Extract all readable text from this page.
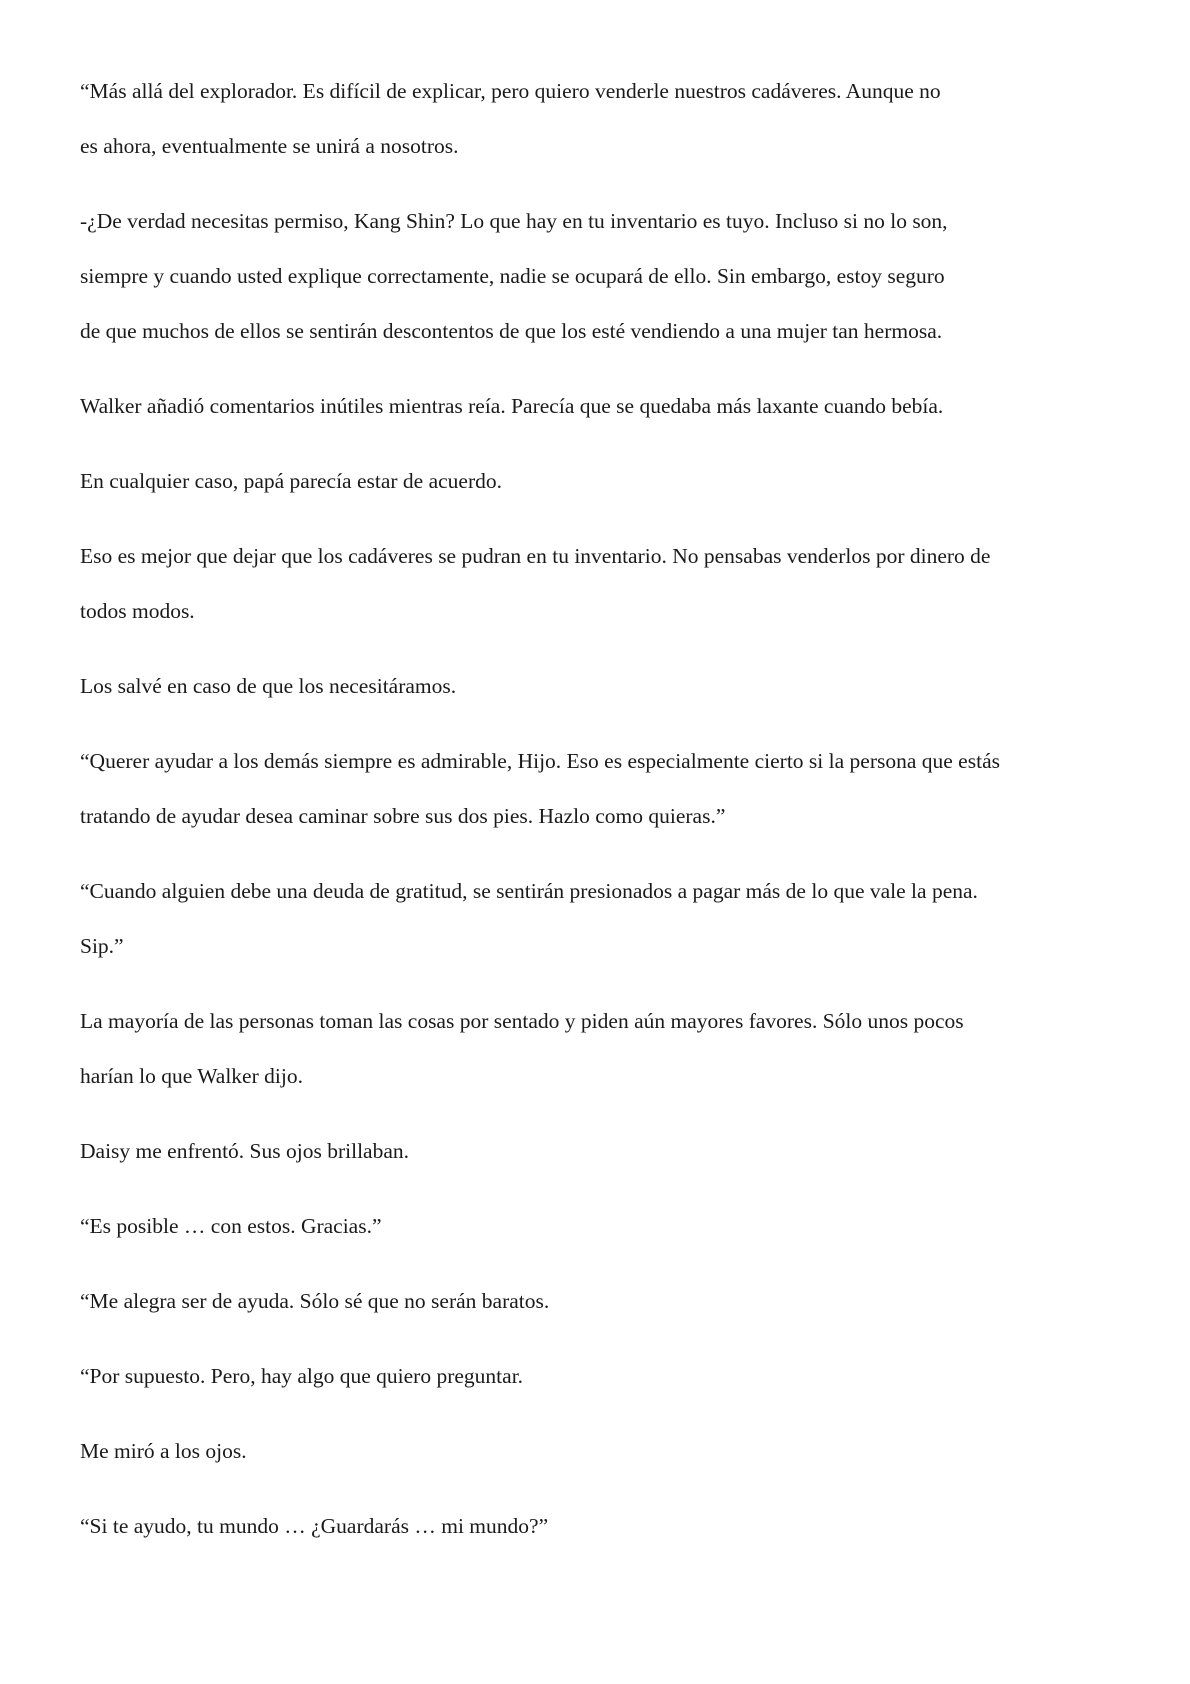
“Más allá del explorador. Es difícil de explicar, pero quiero venderle nuestros cadáveres. Aunque no
es ahora, eventualmente se unirá a nosotros.

-¿De verdad necesitas permiso, Kang Shin? Lo que hay en tu inventario es tuyo. Incluso si no lo son,
siempre y cuando usted explique correctamente, nadie se ocupará de ello. Sin embargo, estoy seguro
de que muchos de ellos se sentirán descontentos de que los esté vendiendo a una mujer tan hermosa.

Walker añadió comentarios inútiles mientras reía. Parecía que se quedaba más laxante cuando bebía.

En cualquier caso, papá parecía estar de acuerdo.

Eso es mejor que dejar que los cadáveres se pudran en tu inventario. No pensabas venderlos por dinero de
todos modos.

Los salvé en caso de que los necesitáramos.

“Querer ayudar a los demás siempre es admirable, Hijo. Eso es especialmente cierto si la persona que estás
tratando de ayudar desea caminar sobre sus dos pies. Hazlo como quieras.”

“Cuando alguien debe una deuda de gratitud, se sentirán presionados a pagar más de lo que vale la pena.
Sip.”

La mayoría de las personas toman las cosas por sentado y piden aún mayores favores. Sólo unos pocos
harían lo que Walker dijo.

Daisy me enfrentó. Sus ojos brillaban.

“Es posible … con estos. Gracias.”

“Me alegra ser de ayuda. Sólo sé que no serán baratos.

“Por supuesto. Pero, hay algo que quiero preguntar.

Me miró a los ojos.

“Si te ayudo, tu mundo … ¿Guardarás … mi mundo?”
